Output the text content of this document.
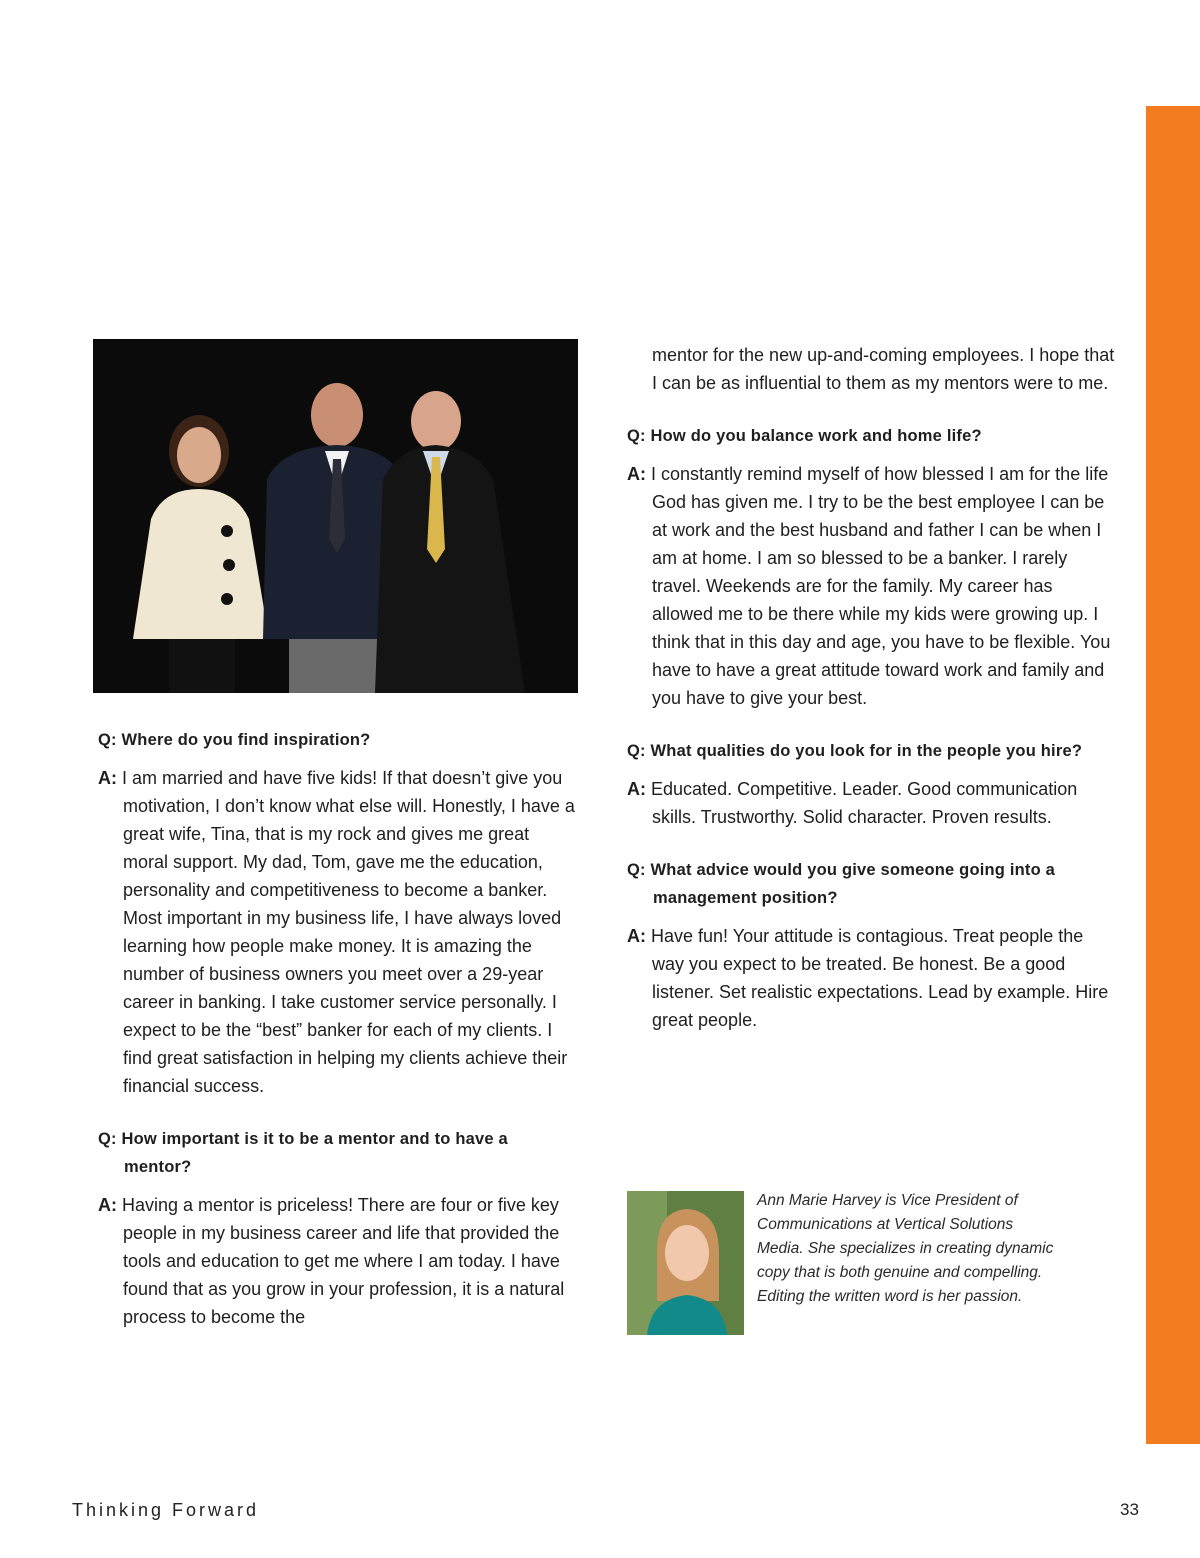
Q: Where do you find inspiration?

A: I am married and have five kids! If that doesn’t give you motivation, I don’t know what else will. Honestly, I have a great wife, Tina, that is my rock and gives me great moral support. My dad, Tom, gave me the education, personality and competitiveness to become a banker. Most important in my business life, I have always loved learning how people make money. It is amazing the number of business owners you meet over a 29-year career in banking. I take customer service personally. I expect to be the “best” banker for each of my clients. I find great satisfaction in helping my clients achieve their financial success.

Q: How important is it to be a mentor and to have a mentor?

A: Having a mentor is priceless! There are four or five key people in my business career and life that provided the tools and education to get me where I am today. I have found that as you grow in your profession, it is a natural process to become the

mentor for the new up-and-coming employees. I hope that I can be as influential to them as my mentors were to me.

Q: How do you balance work and home life?

A: I constantly remind myself of how blessed I am for the life God has given me. I try to be the best employee I can be at work and the best husband and father I can be when I am at home. I am so blessed to be a banker. I rarely travel. Weekends are for the family. My career has allowed me to be there while my kids were growing up. I think that in this day and age, you have to be flexible. You have to have a great attitude toward work and family and you have to give your best.

Q: What qualities do you look for in the people you hire?

A: Educated. Competitive. Leader. Good communication skills. Trustworthy. Solid character. Proven results.

Q: What advice would you give someone going into a management position?

A: Have fun! Your attitude is contagious. Treat people the way you expect to be treated. Be honest. Be a good listener. Set realistic expectations. Lead by example. Hire great people.

Ann Marie Harvey is Vice President of Communications at Vertical Solutions Media. She specializes in creating dynamic copy that is both genuine and compelling. Editing the written word is her passion.

Thinking Forward	33
